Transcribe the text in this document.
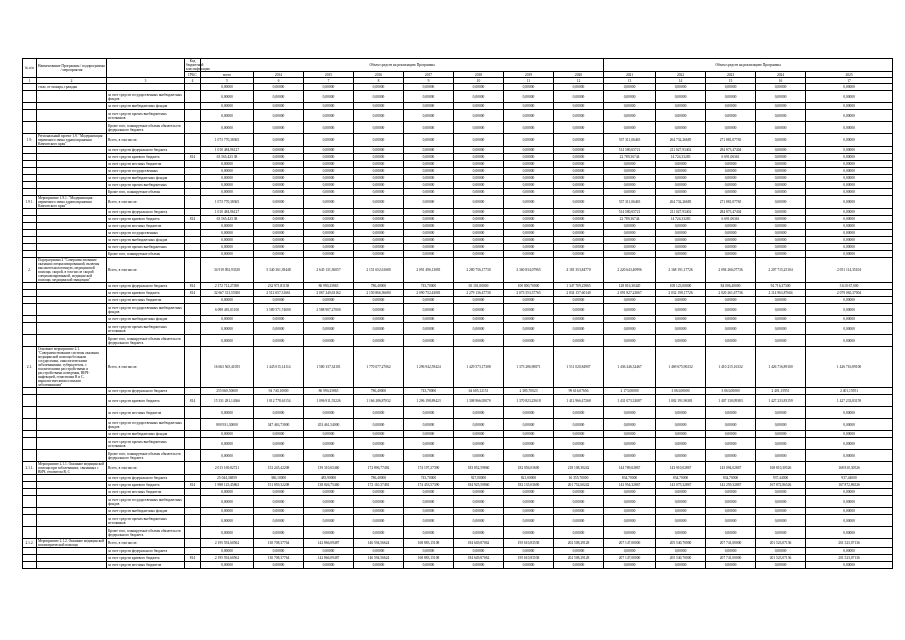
№ п/п	Наименование Программы / подпрограммы / мероприятия		Код бюджетной классификации	Объем средств на реализацию Программы								Объем средств на реализацию Программы				
			ГРБС	всего	2014	2015	2016	2017	2018	2019	2020	2021	2022	2023	2024	2025
1	2	3	4	5	6	7	8	9	10	11	12	13	14	15	16	17
	стью, от пожара, граждан			0,00000	0,00000	0,00000	0,00000	0,00000	0,00000	0,00000	0,00000	0,00000	0,00000	0,00000	0,00000	0,00000
		за счет средств государственных внебюджетных фондов		0,00000	0,00000	0,00000	0,00000	0,00000	0,00000	0,00000	0,00000	0,00000	0,00000	0,00000	0,00000	0,00000
		за счет средств внебюджетных фондов		0,00000	0,00000	0,00000	0,00000	0,00000	0,00000	0,00000	0,00000	0,00000	0,00000	0,00000	0,00000	0,00000
		за счет средств прочих внебюджетных источников		0,00000	0,00000	0,00000	0,00000	0,00000	0,00000	0,00000	0,00000	0,00000	0,00000	0,00000	0,00000	0,00000
		Кроме того, планируемые объемы обязательств федерального бюджета		0,00000	0,00000	0,00000	0,00000	0,00000	0,00000	0,00000	0,00000	0,00000	0,00000	0,00000	0,00000	0,00000
1.9.	Региональный проект 1.9. "Модернизация первичного звена здравоохранения Камчатского края"	Всего, в том числе:		1 073 770,38365	0,00000	0,00000	0,00000	0,00000	0,00000	0,00000	0,00000	537 311,06465	264 732,26685	271 881,07765	0,00000	0,00000
		за счет средств федерального бюджета		1 010 484,96127	0,00000	0,00000	0,00000	0,00000	0,00000	0,00000	0,00000	514 580,65721	211 027,93402	284 873,47404	0,00000	0,00000
		за счет средств краевого бюджета	814	63 565,423 38	0,00000	0,00000	0,00000	0,00000	0,00000	0,00000	0,00000	22 789,36744	14 724,33283	6 691,06361	0,00000	0,00000
		за счет средств местных бюджетов		0,00000	0,00000	0,00000	0,00000	0,00000	0,00000	0,00000	0,00000	0,00000	0,00000	0,00000	0,00000	0,00000
		за счет средств государственных		0,00000	0,00000	0,00000	0,00000	0,00000	0,00000	0,00000	0,00000	0,00000	0,00000	0,00000	0,00000	0,00000
		за счет средств внебюджетных фондов		0,00000	0,00000	0,00000	0,00000	0,00000	0,00000	0,00000	0,00000	0,00000	0,00000	0,00000	0,00000	0,00000
		за счет средств прочих внебюджетных		0,00000	0,00000	0,00000	0,00000	0,00000	0,00000	0,00000	0,00000	0,00000	0,00000	0,00000	0,00000	0,00000
		Кроме того, планируемые объемы		0,00000	0,00000	0,00000	0,00000	0,00000	0,00000	0,00000	0,00000	0,00000	0,00000	0,00000	0,00000	0,00000
1.9.1.	Мероприятие 1.9.1. "Модернизация первичного звена здравоохранения Камчатского края"	Всего, в том числе:		1 073 770,38365	0,00000	0,00000	0,00000	0,00000	0,00000	0,00000	0,00000	537 311,06465	264 732,26685	271 881,07765	0,00000	0,00000
		за счет средств федерального бюджета		1 010 484,96127	0,00000	0,00000	0,00000	0,00000	0,00000	0,00000	0,00000	514 580,65721	211 027,93402	284 873,47404	0,00000	0,00000
		за счет средств краевого бюджета	814	63 565,423 38	0,00000	0,00000	0,00000	0,00000	0,00000	0,00000	0,00000	22 789,36744	14 724,33283	6 691,06361	0,00000	0,00000
		за счет средств местных бюджетов		0,00000	0,00000	0,00000	0,00000	0,00000	0,00000	0,00000	0,00000	0,00000	0,00000	0,00000	0,00000	0,00000
		за счет средств государственных		0,00000	0,00000	0,00000	0,00000	0,00000	0,00000	0,00000	0,00000	0,00000	0,00000	0,00000	0,00000	0,00000
		за счет средств внебюджетных фондов		0,00000	0,00000	0,00000	0,00000	0,00000	0,00000	0,00000	0,00000	0,00000	0,00000	0,00000	0,00000	0,00000
		за счет средств прочих внебюджетных		0,00000	0,00000	0,00000	0,00000	0,00000	0,00000	0,00000	0,00000	0,00000	0,00000	0,00000	0,00000	0,00000
		Кроме того, планируемые объемы		0,00000	0,00000	0,00000	0,00000	0,00000	0,00000	0,00000	0,00000	0,00000	0,00000	0,00000	0,00000	0,00000
2.	Подпрограмма 2 "Совершенствование оказания специализированной, включая высокотехнологичную, медицинской помощи, скорой, в том числе скорой специализированной, медицинской помощи, медицинской эвакуации"	Всего, в том числе:		34 919 092,93330	5 340 361,39448	2 645 131,56057	2 151 652,61680	2 091 496,13081	2 280 756,17730	2 360 834,07965	4 181 353,84770	2 220 643,40996	2 168 191,17726	2 094 266,07736	2 207 715,25104	2 051 114,35104
		за счет средств федерального бюджета	814	2 172 712,27490	232 971,81138	86 990,25865	786,40000	743,70000	65 101,00000	100 800,70000	1 347 709,25865	128 816,30420	108 123,00000	84 006,40000	92 716,37300	3 610 67,000
		за счет средств краевого бюджета	814	32 667 313,55300	2 512 657,31661	2 067 240,63162	2 150 866,56680	2 090 752,43081	2 279 136,47730	2 073 553,37765	2 834 157,60140	2 091 827,23067	2 032 198,17726	2 020 261,67736	2 114 963,87604	2 079 065,37004
		за счет средств местных бюджетов		0,00000	0,00000	0,00000	0,00000	0,00000	0,00000	0,00000	0,00000	0,00000	0,00000	0,00000	0,00000	0,00000
		за счет средств государственных внебюджетных фондов		6 098 481,01100	3 589 571,74000	2 588 907,27000	0,00000	0,00000	0,00000	0,00000	0,00000	0,00000	0,00000	0,00000	0,00000	0,00000
		за счет средств внебюджетных фондов		0,00000	0,00000	0,00000	0,00000	0,00000	0,00000	0,00000	0,00000	0,00000	0,00000	0,00000	0,00000	0,00000
		за счет средств прочих внебюджетных источников		0,00000	0,00000	0,00000	0,00000	0,00000	0,00000	0,00000	0,00000	0,00000	0,00000	0,00000	0,00000	0,00000
		Кроме того, планируемые объемы обязательств федерального бюджета		0,00000	0,00000	0,00000	0,00000	0,00000	0,00000	0,00000	0,00000	0,00000	0,00000	0,00000	0,00000	0,00000
2.1.	Основное мероприятие 2.1. "Совершенствование системы оказания медицинской помощи больным сосудистыми, онкологическими заболеваниями, туберкулезом, с психическими расстройствами и расстройствами поведения, ВИЧ-инфекцией, гепатитами В и С, наркологическими и иными заболеваниями"	Всего, в том числе:		16 663 565,41055	1 445 015,14114	1 580 137,34101	1 770 077,27062	1 296 942,59424	1 429 573,17308	1 373 286,90871	1 511 020,84907	1 436 246,32467	1 469 675,96332	1 410 215,16332	1 426 716,89100	1 426 716,89100
		за счет средств федерального бюджета		255 660,50600	94 740,10000	86 990,25865	786,40000	743,70000	64 605,12151	2 385,70023	99 616,07656	2 173,00000	3 063,00000	3 063,00000	2 401,15951	2 401,15951
		за счет средств краевого бюджета	814	15 331 281,14366	1 012 778,61154	1 096 911,55226	1 166 286,87032	1 296 198,89423	1 308 966,05070	1 370 823,25618	1 412 966,47268	1 431 073,32087	1 002 191,96381	1 407 130,09383	1 427 233,83159	1 427 233,83159
		за счет средств местных бюджетов		0,00000	0,00000	0,00000	0,00000	0,00000	0,00000	0,00000	0,00000	0,00000	0,00000	0,00000	0,00000	0,00000
		за счет средств государственных внебюджетных фондов		800 931,30000	347 463,73000	453 461,54000	0,00000	0,00000	0,00000	0,00000	0,00000	0,00000	0,00000	0,00000	0,00000	0,00000
		за счет средств внебюджетных фондов		0,00000	0,00000	0,00000	0,00000	0,00000	0,00000	0,00000	0,00000	0,00000	0,00000	0,00000	0,00000	0,00000
		за счет средств прочих внебюджетных источников		0,00000	0,00000	0,00000	0,00000	0,00000	0,00000	0,00000	0,00000	0,00000	0,00000	0,00000	0,00000	0,00000
		Кроме того, планируемые объемы обязательств федерального бюджета		0,00000	0,00000	0,00000	0,00000	0,00000	0,00000	0,00000	0,00000	0,00000	0,00000	0,00000	0,00000	0,00000
2.1.1.	Мероприятие 2.1.1. Оказание медицинской помощи при заболеваниях, связанных с ВИЧ, гепатитом В, С	Всего, в том числе:		2 013 169,82721	152 245,42208	139 310,65460	172 896,77492	174 197,27390	183 852,59860	182 056,03690	218 108,30242	144 789,02867	143 910,02867	143 094,02867	168 810,30526	168 810,30526
		за счет средств федерального бюджета		25 044,36859	386,10000	483,90000	786,40000	743,70000	927,00000	821,00000	16 355,70000	834,70000	834,70000	834,70000	937,44000	937,44000
		за счет средств краевого бюджета	814	1 988 125,45862	151 859,32208	138 826,75460	172 110,37492	174 453,57390	184 925,59860	182 135,03690	201 752,60242	143 954,32867	143 075,32867	142 259,32867	167 872,86526	167 872,86526
		за счет средств местных бюджетов		0,00000	0,00000	0,00000	0,00000	0,00000	0,00000	0,00000	0,00000	0,00000	0,00000	0,00000	0,00000	0,00000
		за счет средств государственных внебюджетных фондов		0,00000	0,00000	0,00000	0,00000	0,00000	0,00000	0,00000	0,00000	0,00000	0,00000	0,00000	0,00000	0,00000
		за счет средств внебюджетных фондов		0,00000	0,00000	0,00000	0,00000	0,00000	0,00000	0,00000	0,00000	0,00000	0,00000	0,00000	0,00000	0,00000
		за счет средств прочих внебюджетных источников		0,00000	0,00000	0,00000	0,00000	0,00000	0,00000	0,00000	0,00000	0,00000	0,00000	0,00000	0,00000	0,00000
		Кроме того, планируемые объемы обязательств федерального бюджета		0,00000	0,00000	0,00000	0,00000	0,00000	0,00000	0,00000	0,00000	0,00000	0,00000	0,00000	0,00000	0,00000
2.1.2.	Мероприятие 2.1.2. Оказание медицинской психиатрической помощи	Всего, в том числе:		2 195 592,60562	130 708,37764	142 866,09487	146 594,56624	168 883,15108	184 649,87062	195 610,83538	202 508,29128	207 147,00000	205 540,70000	207 741,00000	201 523,07136	201 523,07136
		за счет средств федерального бюджета		0,00000	0,00000	0,00000	0,00000	0,00000	0,00000	0,00000	0,00000	0,00000	0,00000	0,00000	0,00000	0,00000
		за счет средств краевого бюджета	814	2 195 592,60562	130 708,37764	142 866,09487	146 594,56624	168 883,15108	184 649,87062	195 610,83538	202 508,29128	207 147,00000	205 540,70000	207 741,00000	201 523,07136	201 523,07136
		за счет средств местных бюджетов		0,00000	0,00000	0,00000	0,00000	0,00000	0,00000	0,00000	0,00000	0,00000	0,00000	0,00000	0,00000	0,00000
